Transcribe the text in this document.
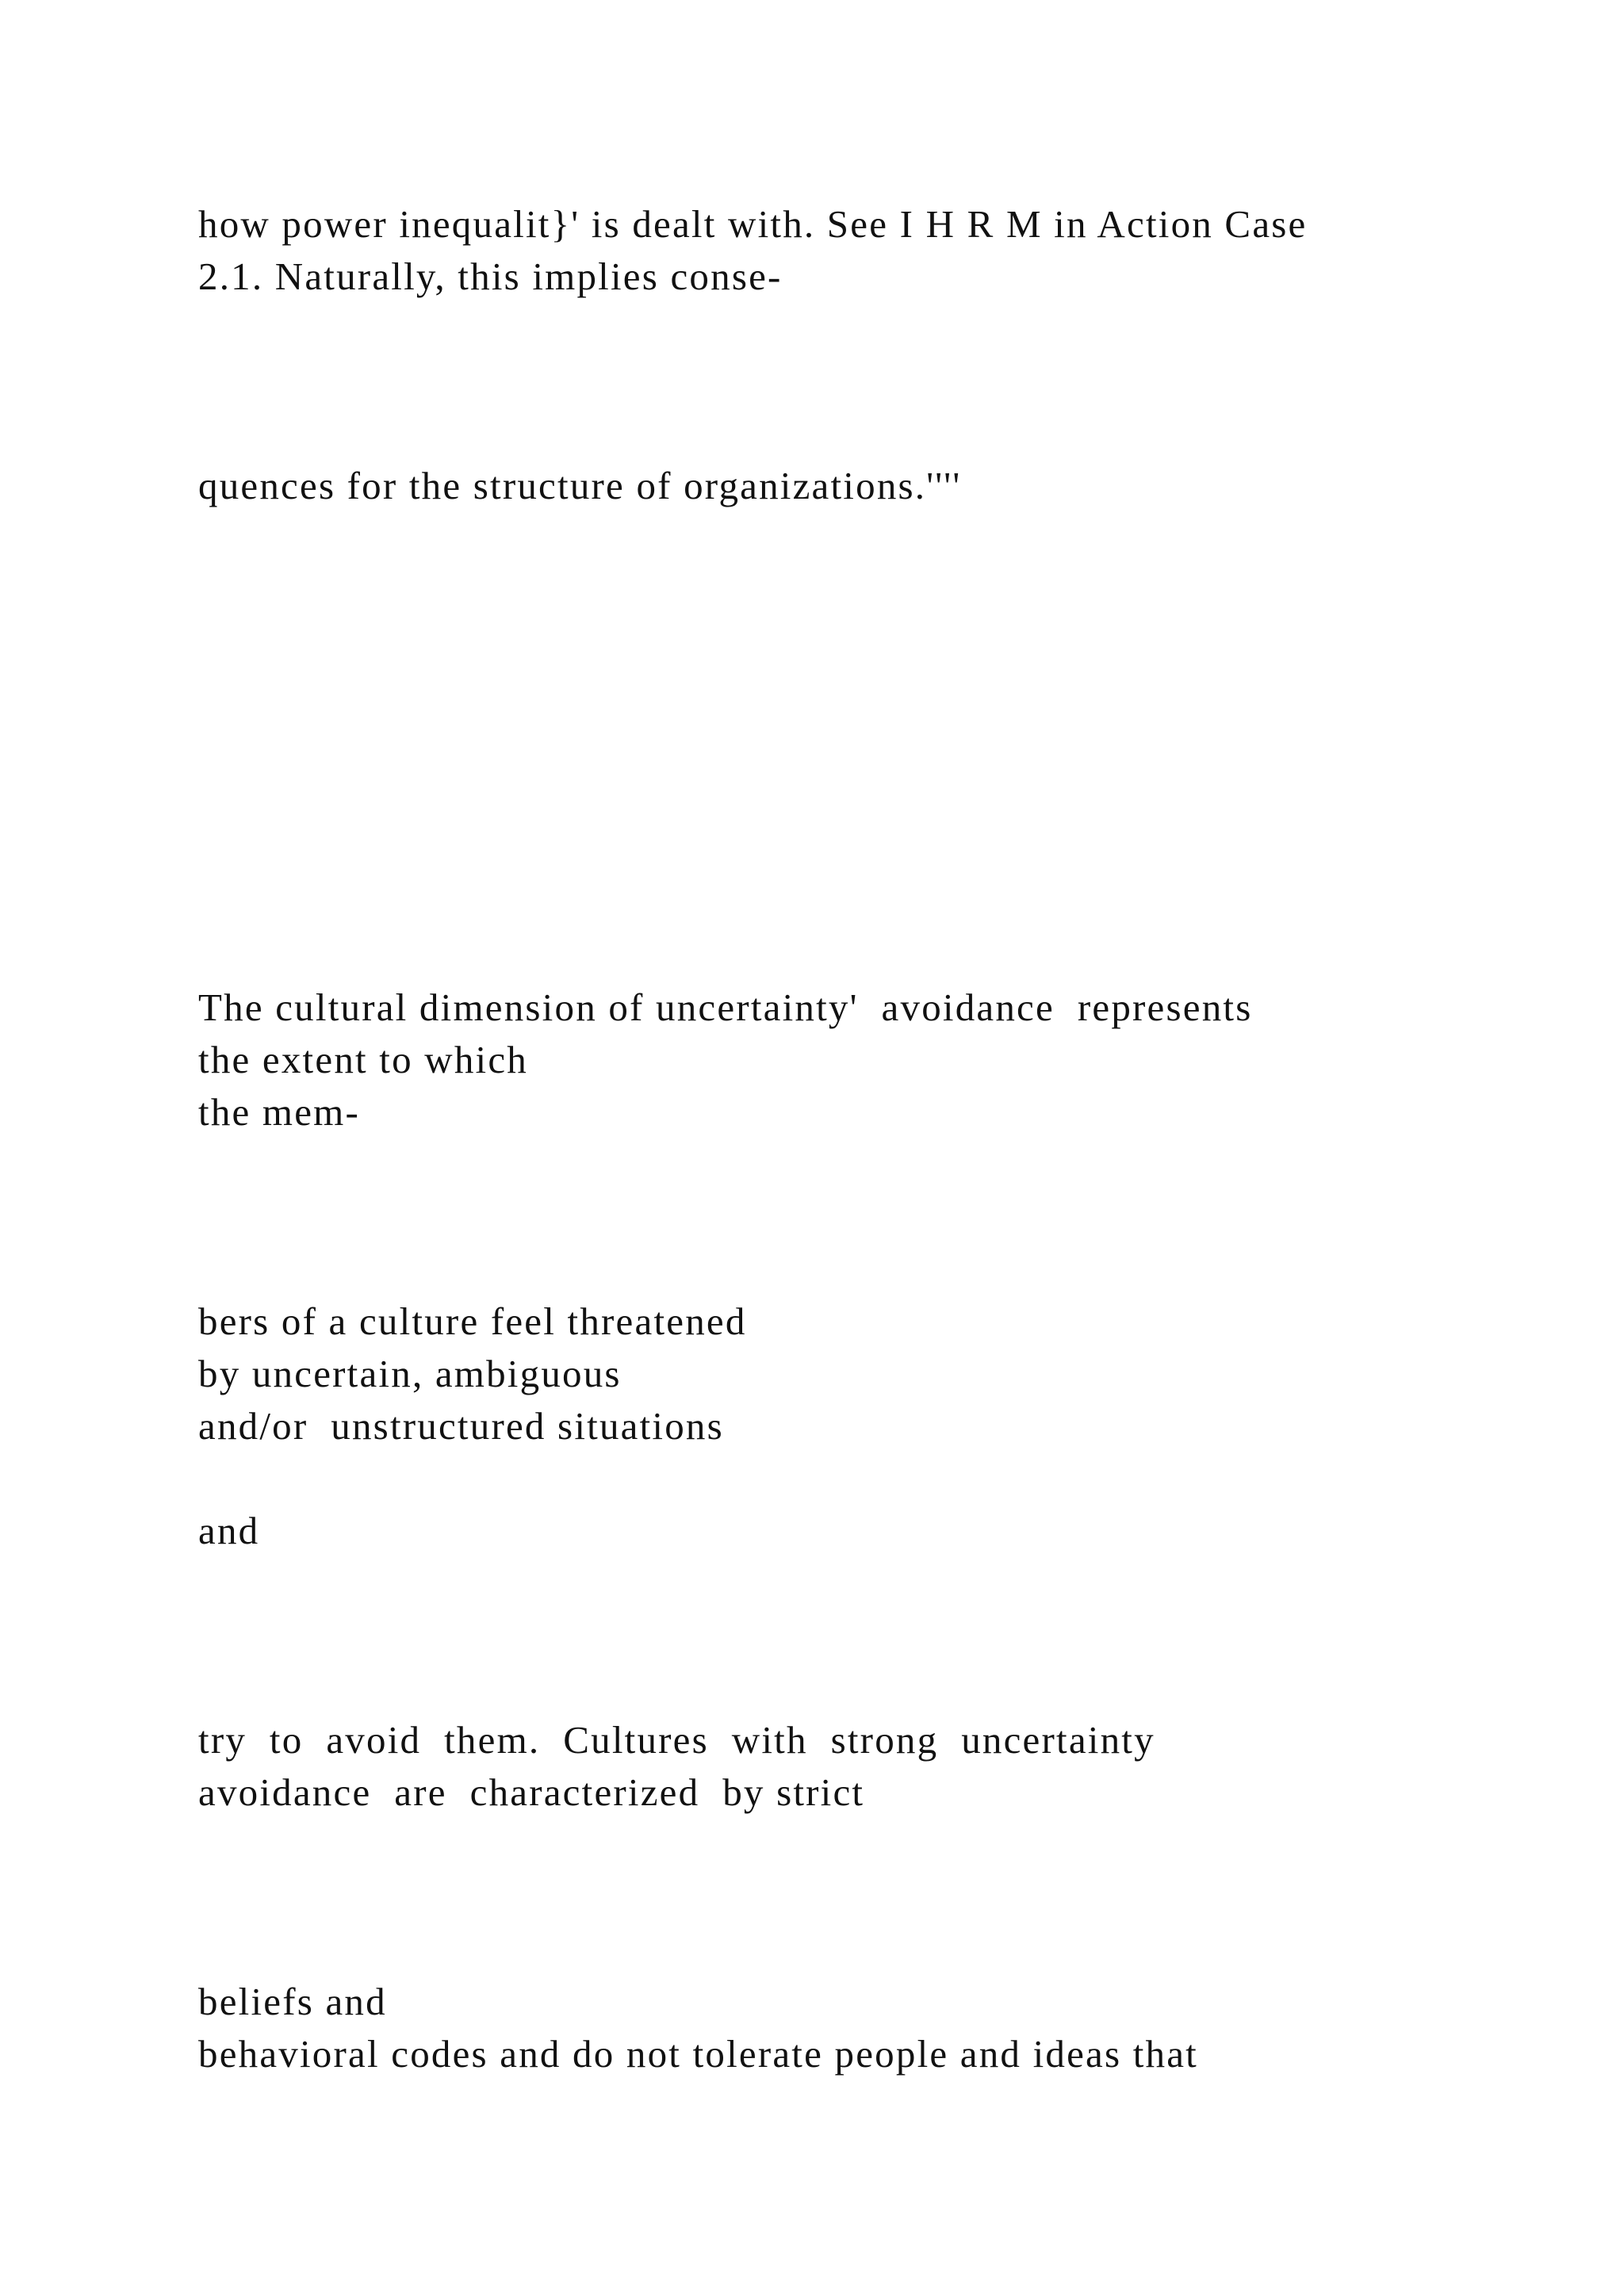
how power inequalit}' is dealt with. See I H R M in Action Case

2.1. Naturally, this implies conse-

quences for the structure of organizations.''''

The cultural dimension of uncertainty'  avoidance  represents

the extent to which

the mem-

bers of a culture feel threatened

by uncertain, ambiguous

and/or  unstructured situations

and

try  to  avoid  them.  Cultures  with  strong  uncertainty

avoidance  are  characterized  by strict

beliefs and

behavioral codes and do not tolerate people and ideas that
